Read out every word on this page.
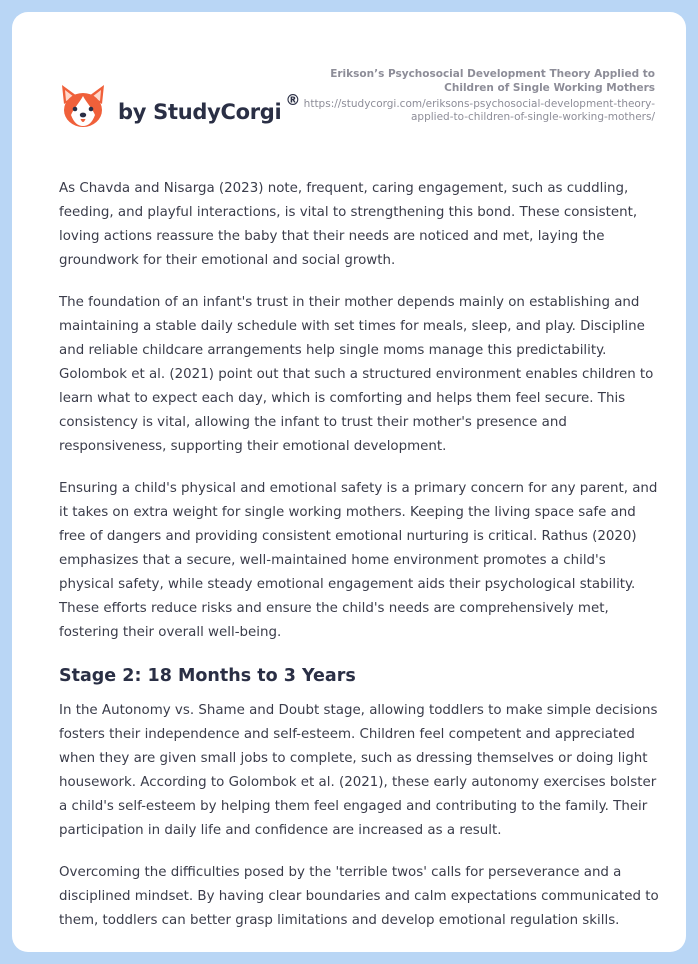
by StudyCorgi ®
Erikson’s Psychosocial Development Theory Applied to Children of Single Working Mothers
https://studycorgi.com/eriksons-psychosocial-development-theory-applied-to-children-of-single-working-mothers/

As Chavda and Nisarga (2023) note, frequent, caring engagement, such as cuddling, feeding, and playful interactions, is vital to strengthening this bond. These consistent, loving actions reassure the baby that their needs are noticed and met, laying the groundwork for their emotional and social growth.

The foundation of an infant's trust in their mother depends mainly on establishing and maintaining a stable daily schedule with set times for meals, sleep, and play. Discipline and reliable childcare arrangements help single moms manage this predictability. Golombok et al. (2021) point out that such a structured environment enables children to learn what to expect each day, which is comforting and helps them feel secure. This consistency is vital, allowing the infant to trust their mother's presence and responsiveness, supporting their emotional development.

Ensuring a child's physical and emotional safety is a primary concern for any parent, and it takes on extra weight for single working mothers. Keeping the living space safe and free of dangers and providing consistent emotional nurturing is critical. Rathus (2020) emphasizes that a secure, well-maintained home environment promotes a child's physical safety, while steady emotional engagement aids their psychological stability. These efforts reduce risks and ensure the child's needs are comprehensively met, fostering their overall well-being.

Stage 2: 18 Months to 3 Years

In the Autonomy vs. Shame and Doubt stage, allowing toddlers to make simple decisions fosters their independence and self-esteem. Children feel competent and appreciated when they are given small jobs to complete, such as dressing themselves or doing light housework. According to Golombok et al. (2021), these early autonomy exercises bolster a child's self-esteem by helping them feel engaged and contributing to the family. Their participation in daily life and confidence are increased as a result.

Overcoming the difficulties posed by the 'terrible twos' calls for perseverance and a disciplined mindset. By having clear boundaries and calm expectations communicated to them, toddlers can better grasp limitations and develop emotional regulation skills.
